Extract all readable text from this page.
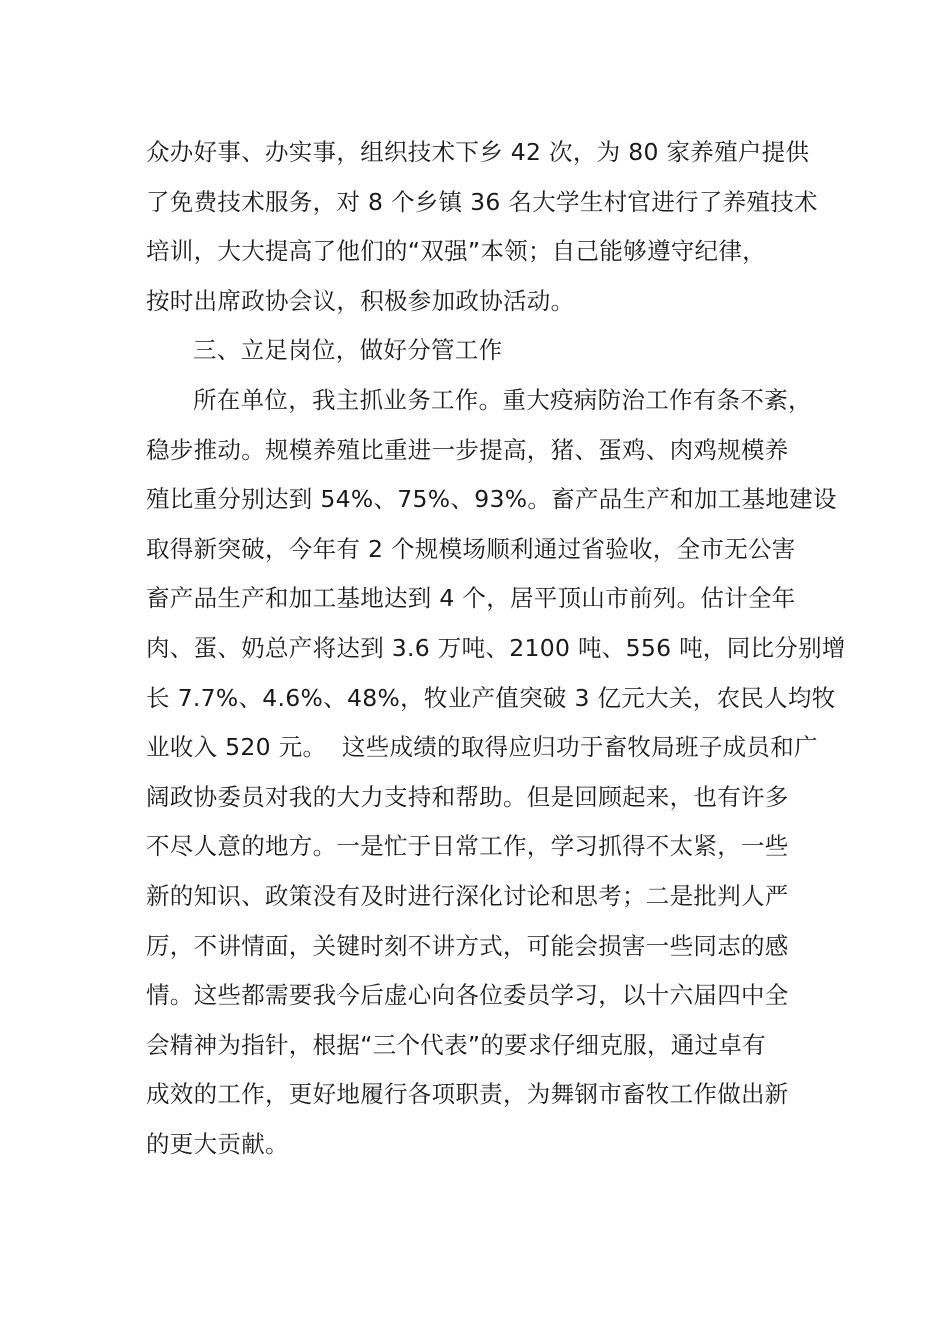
众办好事、办实事，组织技术下乡 42 次，为 80 家养殖户提供
了免费技术服务，对 8 个乡镇 36 名大学生村官进行了养殖技术
培训，大大提高了他们的“双强”本领；自己能够遵守纪律，
按时出席政协会议，积极参加政协活动。
三、立足岗位，做好分管工作
所在单位，我主抓业务工作。重大疫病防治工作有条不紊，
稳步推动。规模养殖比重进一步提高，猪、蛋鸡、肉鸡规模养
殖比重分别达到 54%、75%、93%。畜产品生产和加工基地建设
取得新突破，今年有 2 个规模场顺利通过省验收，全市无公害
畜产品生产和加工基地达到 4 个，居平顶山市前列。估计全年
肉、蛋、奶总产将达到 3.6 万吨、2100 吨、556 吨，同比分别增
长 7.7%、4.6%、48%，牧业产值突破 3 亿元大关，农民人均牧
业收入 520 元。  这些成绩的取得应归功于畜牧局班子成员和广
阔政协委员对我的大力支持和帮助。但是回顾起来，也有许多
不尽人意的地方。一是忙于日常工作，学习抓得不太紧，一些
新的知识、政策没有及时进行深化讨论和思考；二是批判人严
厉，不讲情面，关键时刻不讲方式，可能会损害一些同志的感
情。这些都需要我今后虚心向各位委员学习，以十六届四中全
会精神为指针，根据“三个代表”的要求仔细克服，通过卓有
成效的工作，更好地履行各项职责，为舞钢市畜牧工作做出新
的更大贡献。
